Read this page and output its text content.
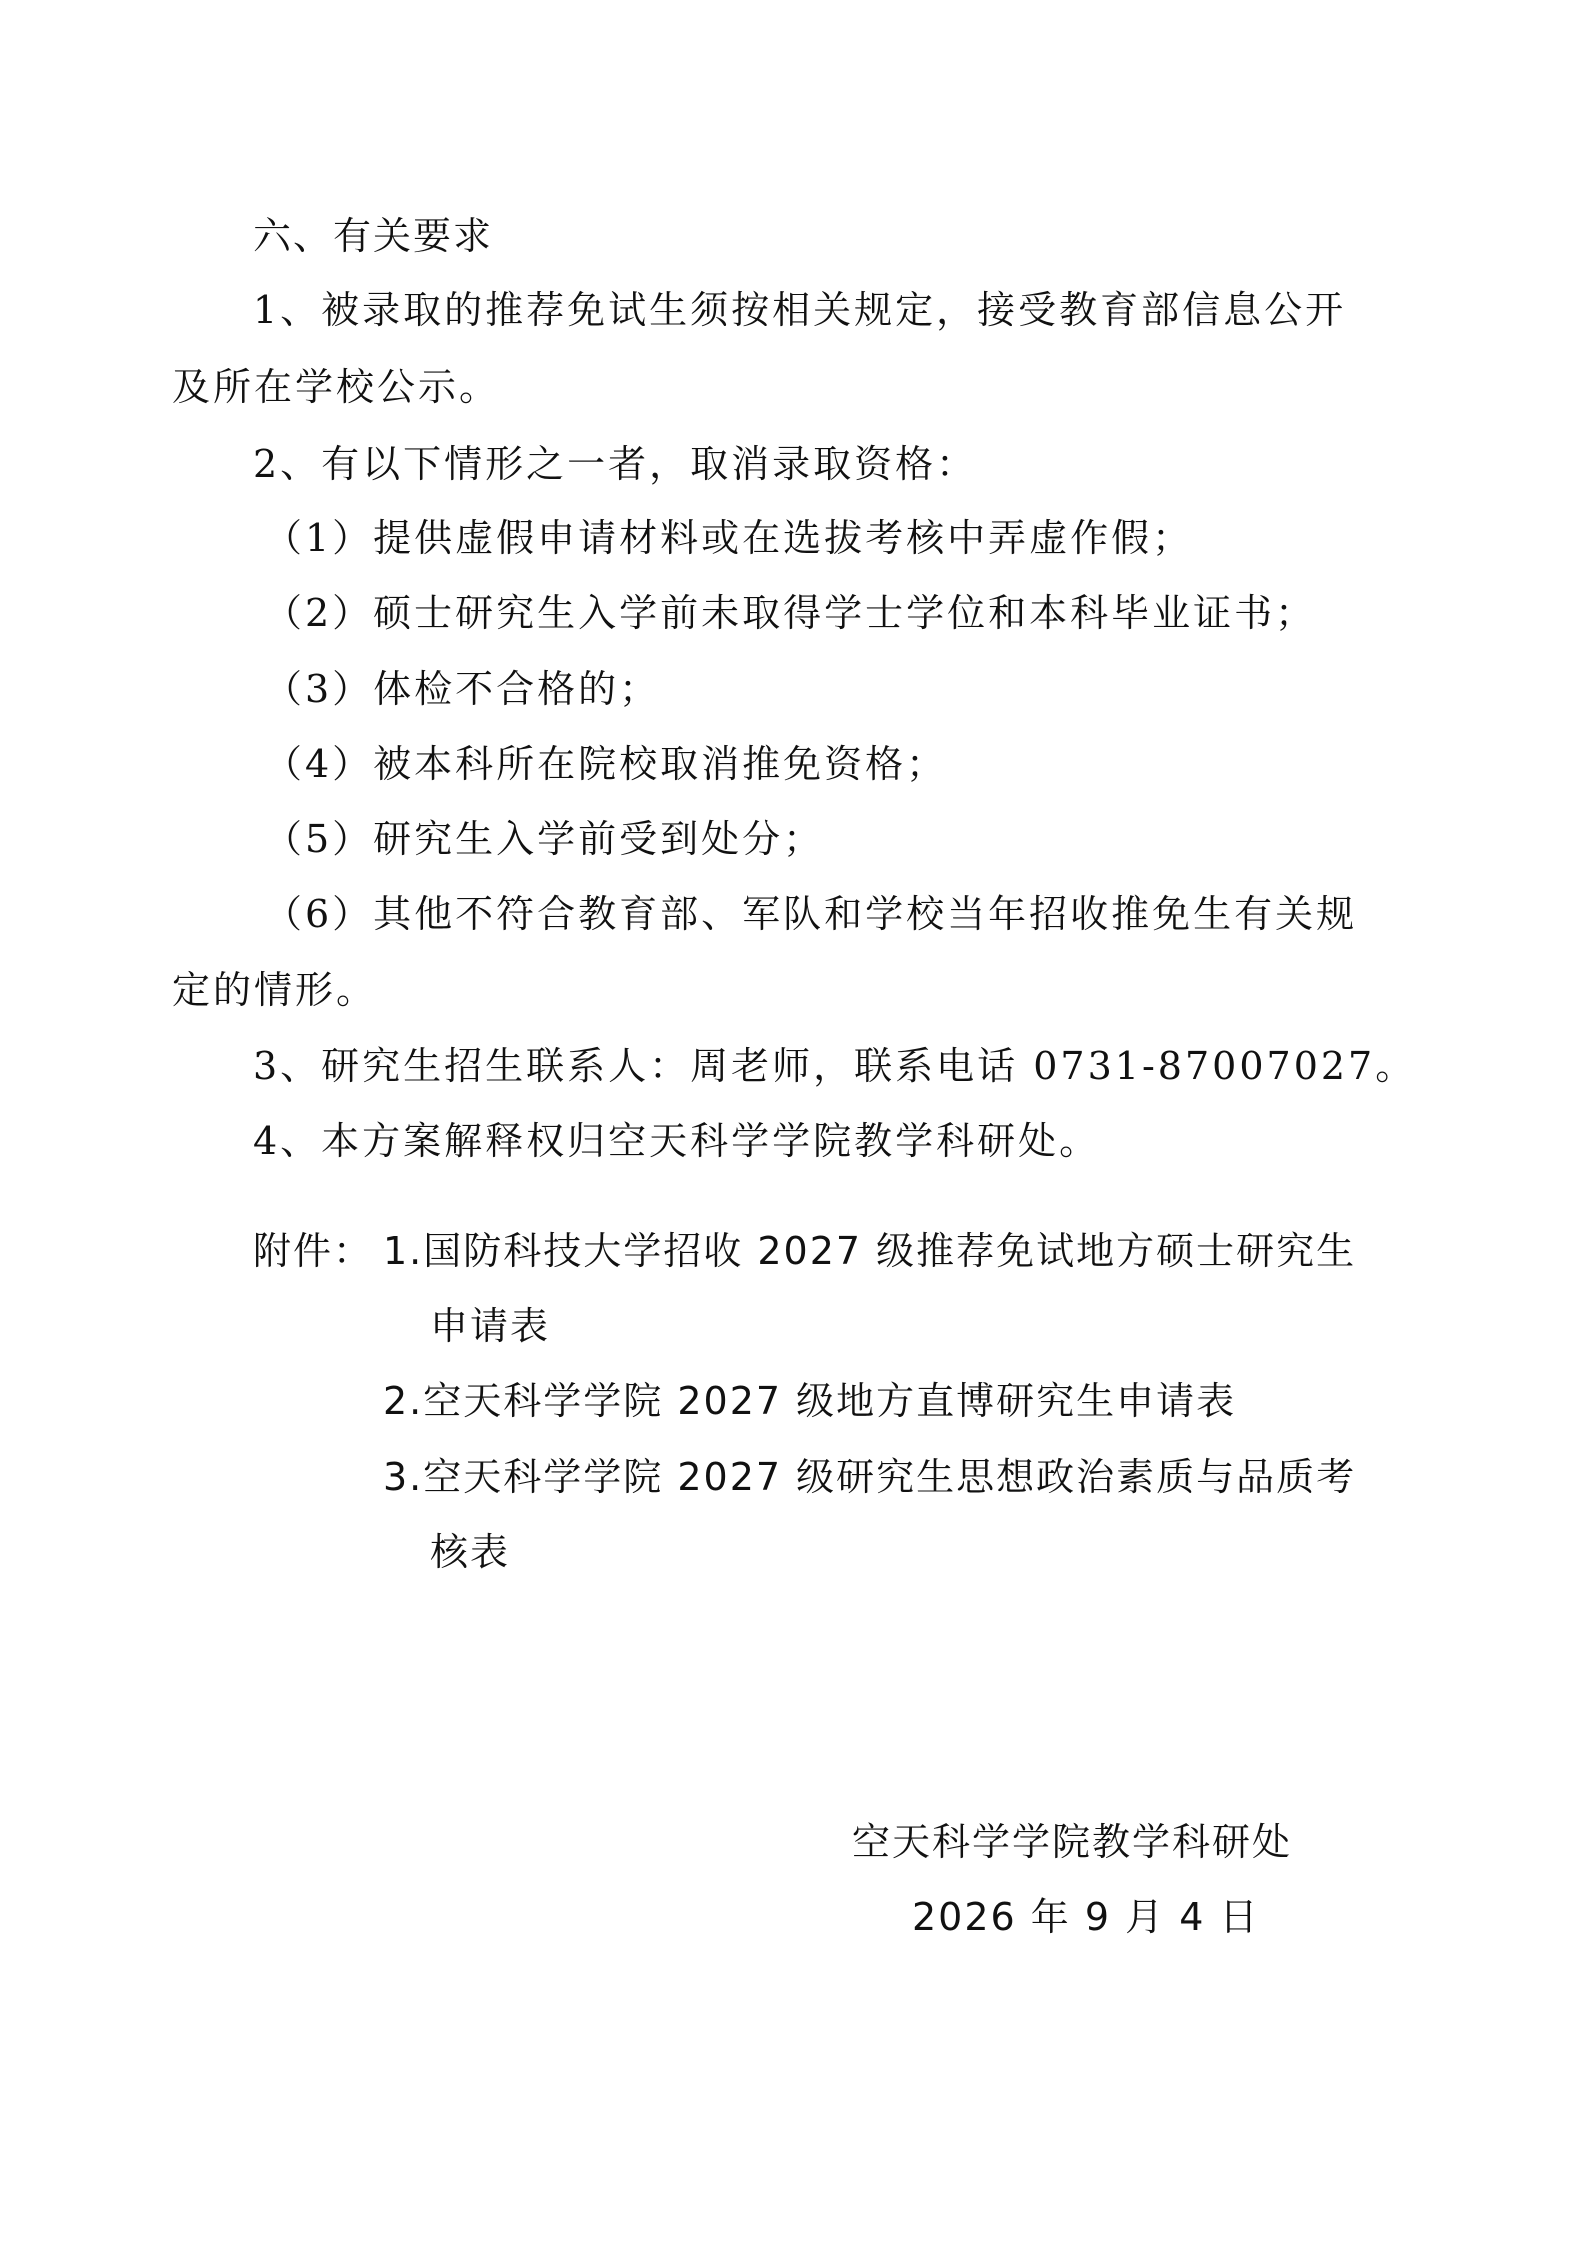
六、有关要求
1、被录取的推荐免试生须按相关规定，接受教育部信息公开
及所在学校公示。
2、有以下情形之一者，取消录取资格：
（1）提供虚假申请材料或在选拔考核中弄虚作假；
（2）硕士研究生入学前未取得学士学位和本科毕业证书；
（3）体检不合格的；
（4）被本科所在院校取消推免资格；
（5）研究生入学前受到处分；
（6）其他不符合教育部、军队和学校当年招收推免生有关规
定的情形。
3、研究生招生联系人：周老师，联系电话 0731-87007027。
4、本方案解释权归空天科学学院教学科研处。
附件： 1.国防科技大学招收 2027 级推荐免试地方硕士研究生
申请表
2.空天科学学院 2027 级地方直博研究生申请表
3.空天科学学院 2027 级研究生思想政治素质与品质考
核表
空天科学学院教学科研处
2026 年 9 月 4 日
